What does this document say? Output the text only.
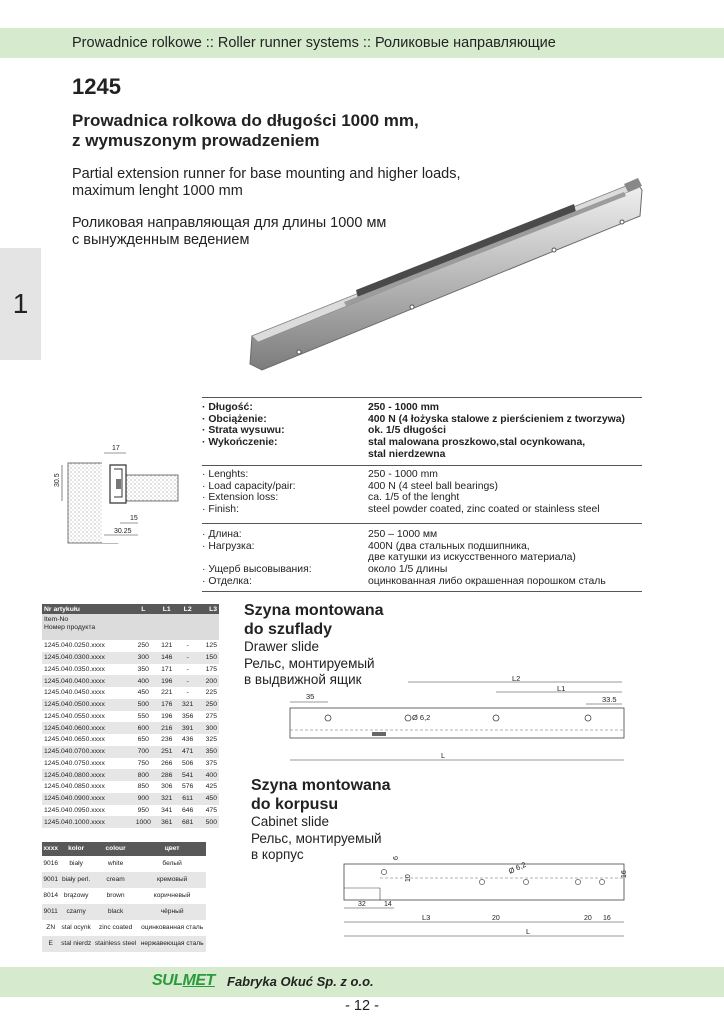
Prowadnice rolkowe :: Roller runner systems :: Роликовые направляющие
1
1245
Prowadnica rolkowa do długości 1000 mm,
z wymuszonym prowadzeniem
Partial extension runner for base mounting and higher loads,
maximum lenght 1000 mm
Роликовая направляющая для длины 1000 мм
с вынужденным ведением
· Długość:	250 - 1000 mm
· Obciążenie:	400 N (4 łożyska stalowe z pierścieniem z tworzywa)
· Strata wysuwu:	ok. 1/5 długości
· Wykończenie:	stal malowana proszkowo,stal ocynkowana,
stal nierdzewna
· Lenghts:	250 - 1000 mm
· Load capacity/pair:	400 N (4 steel ball bearings)
· Extension loss:	ca. 1/5 of the lenght
· Finish:	steel powder coated, zinc coated or stainless steel
· Длина:	250 – 1000 мм
· Нагрузка:	400N (два стальных подшипника,
две катушки из искусственного материала)
· Ущерб высовывания:	около 1/5 длины
· Отделка:	оцинкованная либо окрашенная порошком сталь
17
30.5
15
30.25
Nr artykułu	L	L1	L2	L3

Item-No
Номер продукта				

1245.040.0250.xxxx	250	121	-	125
1245.040.0300.xxxx	300	146	-	150
1245.040.0350.xxxx	350	171	-	175
1245.040.0400.xxxx	400	196	-	200
1245.040.0450.xxxx	450	221	-	225
1245.040.0500.xxxx	500	176	321	250
1245.040.0550.xxxx	550	196	356	275
1245.040.0600.xxxx	600	216	391	300
1245.040.0650.xxxx	650	236	436	325
1245.040.0700.xxxx	700	251	471	350
1245.040.0750.xxxx	750	266	506	375
1245.040.0800.xxxx	800	286	541	400
1245.040.0850.xxxx	850	306	576	425
1245.040.0900.xxxx	900	321	611	450
1245.040.0950.xxxx	950	341	646	475
1245.040.1000.xxxx	1000	361	681	500
xxxx	kolor	colour	цвет
9016	biały	white	белый
9001	biały perl.	cream	кремовый
8014	brązowy	brown	коричневый
9011	czarny	black	чёрный
ZN	stal ocynk	zinc coated	оцинкованная сталь
E	stal nierdz	stainless steel	нержавеющая сталь
Szyna montowana
do szuflady
Drawer slide
Рельс, монтируемый
в выдвижной ящик	L2
L1
35	33.5
Ø 6,2
L
Szyna montowana
do korpusu
Cabinet slide
Рельс, монтируемый
в корпус	6
10
Ø 6,2	16
32	14
L3	20	20 16
L
SULMET Fabryka Okuć Sp. z o.o.
- 12 -
